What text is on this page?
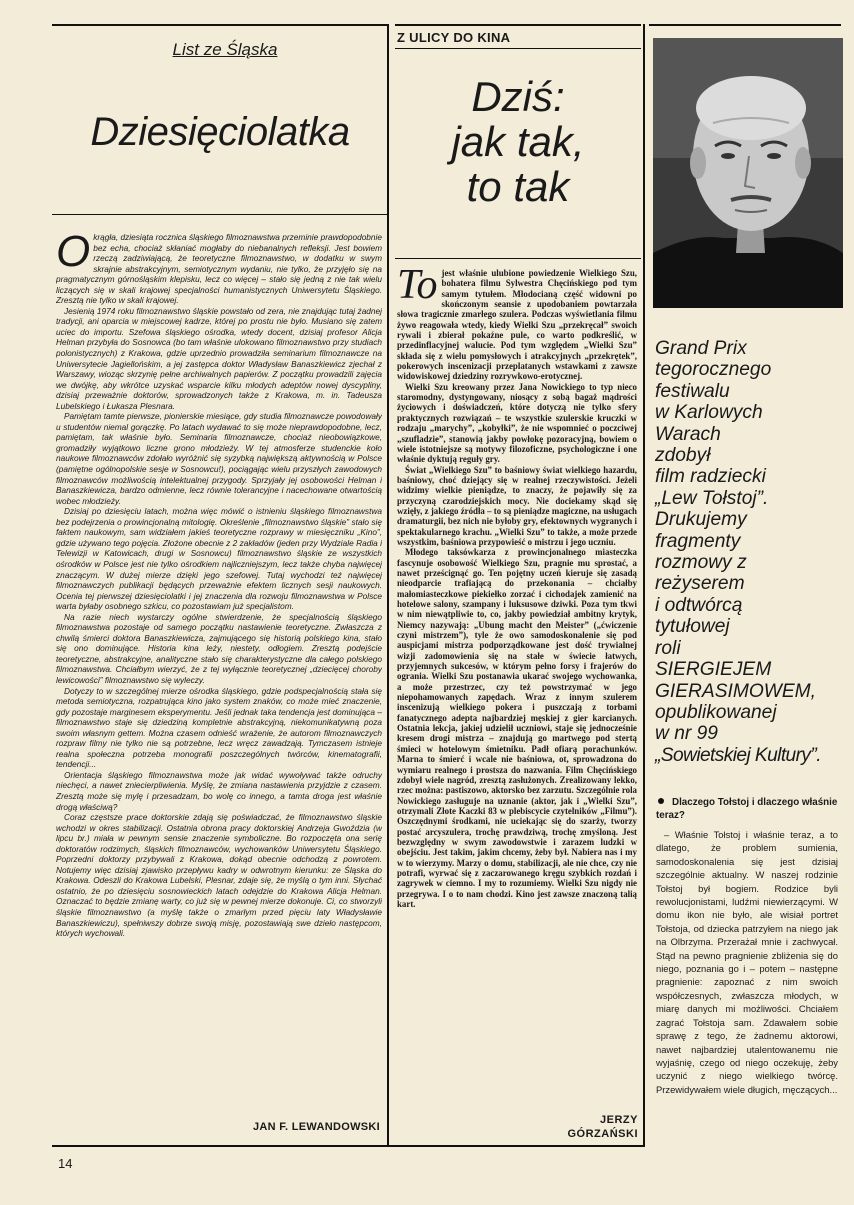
List ze Śląska
Dziesięciolatka

Okrągła, dziesiąta rocznica śląskiego filmoznawstwa przeminie prawdopodobnie bez echa, chociaż skłaniać mogłaby do niebanalnych refleksji. Jest bowiem rzeczą zadziwiającą, że teoretyczne filmoznawstwo, w dodatku w swym skrajnie abstrakcyjnym, semiotycznym wydaniu, nie tylko, że przyjęło się na pragmatycznym górnośląskim klepisku, lecz co więcej – stało się jedną z nie tak wielu liczących się w skali krajowej specjalności humanistycznych Uniwersytetu Śląskiego. Zresztą nie tylko w skali krajowej.

Jesienią 1974 roku filmoznawstwo śląskie powstało od zera, nie znajdując tutaj żadnej tradycji, ani oparcia w miejscowej kadrze, której po prostu nie było. Musiano się zatem uciec do importu. Szefowa śląskiego ośrodka, wtedy docent, dzisiaj profesor Alicja Helman przybyła do Sosnowca (bo tam właśnie ulokowano filmoznawstwo przy studiach polonistycznych) z Krakowa, gdzie uprzednio prowadziła seminarium filmoznawcze na Uniwersytecie Jagiellońskim, a jej zastępca doktor Władysław Banaszkiewicz zjechał z Warszawy, wioząc skrzynię pełne archiwalnych papierów. Z początku prowadzili zajęcia we dwójkę, aby wkrótce uzyskać wsparcie kilku młodych adeptów nowej dyscypliny, dzisiaj przeważnie doktorów, sprowadzonych także z Krakowa, m. in. Tadeusza Lubelskiego i Łukasza Plesnara.

Pamiętam tamte pierwsze, pionierskie miesiące, gdy studia filmoznawcze powodowały u studentów niemal gorączkę. Po latach wydawać to się może nieprawdopodobne, lecz, pamiętam, tak właśnie było. Seminaria filmoznawcze, chociaż nieobowiązkowe, gromadziły wyjątkowo liczne grono młodzieży. W tej atmosferze studenckie koło naukowe filmoznawców zdołało wyróżnić się syzybką największą aktywnością w Polsce (pamiętne ogólnopolskie sesje w Sosnowcu!), pociągając wielu przyszłych zawodowych filmoznawców możliwością intelektualnej przygody. Sprzyjały jej osobowości Helman i Banaszkiewicza, bardzo odmienne, lecz równie tolerancyjne i nacechowane otwartością wobec młodzieży.

Dzisiaj po dziesięciu latach, można więc mówić o istnieniu śląskiego filmoznawstwa bez podejrzenia o prowincjonalną mitologię. Określenie „filmoznawstwo śląskie” stało się faktem naukowym, sam widziałem jakieś teoretyczne rozprawy w miesięczniku „Kino”, gdzie używano tego pojęcia. Złożone obecnie z 2 zakładów (jeden przy Wydziale Radia i Telewizji w Katowicach, drugi w Sosnowcu) filmoznawstwo śląskie ze wszystkich ośrodków w Polsce jest nie tylko ośrodkiem najliczniejszym, lecz także chyba najwięcej znaczącym. W dużej mierze dzięki jego szefowej. Tutaj wychodzi też najwięcej filmoznawczych publikacji będących przeważnie efektem licznych sesji naukowych. Ocenia tej pierwszej dziesięciolatki i jej znaczenia dla rozwoju filmoznawstwa w Polsce warta byłaby osobnego szkicu, co pozostawiam już specjalistom.

Na razie niech wystarczy ogólne stwierdzenie, że specjalnością śląskiego filmoznawstwa pozostaje od samego początku nastawienie teoretyczne. Zwłaszcza z chwilą śmierci doktora Banaszkiewicza, zajmującego się historią polskiego kina, stało się ono dominujące. Historia kina leży, niestety, odłogiem. Zresztą podejście teoretyczne, abstrakcyjne, analityczne stało się charakterystyczne dla całego polskiego filmoznawstwa. Chciałbym wierzyć, że z tej wyłącznie teoretycznej „dziecięcej choroby lewicowości” filmoznawstwo się wyleczy.

Dotyczy to w szczególnej mierze ośrodka śląskiego, gdzie podspecjalnością stała się metoda semiotyczna, rozpatrująca kino jako system znaków, co może mieć znaczenie, gdy pozostaje marginesem eksperymentu. Jeśli jednak taka tendencja jest dominująca – filmoznawstwo staje się dziedziną kompletnie abstrakcyjną, niekomunikatywną poza swoim własnym gettem. Można czasem odnieść wrażenie, że autorom filmoznawczych rozpraw filmy nie tylko nie są potrzebne, lecz wręcz zawadzają. Tymczasem istnieje realna społeczna potrzeba monografii poszczególnych twórców, kinematografii, tendencji...

Orientacja śląskiego filmoznawstwa może jak widać wywoływać także odruchy niechęci, a nawet zniecierpliwienia. Myślę, że zmiana nastawienia przyjdzie z czasem. Zresztą może się mylę i przesadzam, bo wolę co innego, a tamta droga jest właśnie drogą właściwą?

Coraz częstsze prace doktorskie zdają się poświadczać, że filmoznawstwo śląskie wchodzi w okres stabilizacji. Ostatnia obrona pracy doktorskiej Andrzeja Gwoździa (w lipcu br.) miała w pewnym sensie znaczenie symboliczne. Bo rozpoczęta ona serię doktoratów rodzimych, śląskich filmoznawców, wychowanków Uniwersytetu Śląskiego. Poprzedni doktorzy przybywali z Krakowa, dokąd obecnie odchodzą z powrotem. Notujemy więc dzisiaj zjawisko przepływu kadry w odwrotnym kierunku: ze Śląska do Krakowa. Odeszli do Krakowa Lubelski, Plesnar, zdaje się, że myślą o tym inni. Słychać ostatnio, że po dziesięciu sosnowieckich latach odejdzie do Krakowa Alicja Helman. Oznaczać to będzie zmianę warty, co już się w pewnej mierze dokonuje. Ci, co stworzyli śląskie filmoznawstwo (a myślę także o zmarłym przed pięciu laty Władysławie Banaszkiewiczu), spełniwszy dobrze swoją misję, pozostawiają swe dzieło następcom, których wychowali.

JAN F. LEWANDOWSKI
Z ULICY DO KINA
Dziś:
jak tak,
to tak

To jest właśnie ulubione powiedzenie Wielkiego Szu, bohatera filmu Sylwestra Chęcińskiego pod tym samym tytułem. Młodocianą część widowni po skończonym seansie z upodobaniem powtarzała słowa tragicznie zmarłego szulera. Podczas wyświetlania filmu żywo reagowała wtedy, kiedy Wielki Szu „przekręcał” swoich rywali i zbierał pokaźne pule, co warto podkreślić, w przedinflacyjnej walucie. Pod tym względem „Wielki Szu” składa się z wielu pomysłowych i atrakcyjnych „przekrętek”, pokerowych inscenizacji przeplatanych wstawkami z zawsze widowiskowej dziedziny rozrywkowo-erotycznej.

Wielki Szu kreowany przez Jana Nowickiego to typ nieco staromodny, dystyngowany, niosący z sobą bagaż mądrości życiowych i doświadczeń, które dotyczą nie tylko sfery praktycznych rozwiązań – te wszystkie szulerskie kruczki w rodzaju „marychy”, „kobyłki”, że nie wspomnieć o poczciwej „szufladzie”, stanowią jakby powłokę pozoracyjną, bowiem o wiele istotniejsze są motywy filozoficzne, psychologiczne i one właśnie dyktują reguły gry.

Świat „Wielkiego Szu” to baśniowy świat wielkiego hazardu, baśniowy, choć dziejący się w realnej rzeczywistości. Jeżeli widzimy wielkie pieniądze, to znaczy, że pojawiły się za przyczyną czarodziejskich mocy. Nie dociekamy skąd się wzięły, z jakiego źródła – to są pieniądze magiczne, na usługach dramaturgii, bez nich nie byłoby gry, efektownych wygranych i spektakularnego krachu. „Wielki Szu” to także, a może przede wszystkim, baśniowa przypowieść o mistrzu i jego uczniu.

Młodego taksówkarza z prowincjonalnego miasteczka fascynuje osobowość Wielkiego Szu, pragnie mu sprostać, a nawet prześcignąć go. Ten pojętny uczeń kieruje się zasadą nieodparcie trafiającą do przekonania – chciałby małomiasteczkowe piekiełko zorzać i cichodajek zamienić na hotelowe salony, szampany i luksusowe dziwki. Poza tym tkwi w nim niewątpliwie to, co, jakby powiedział ambitny krytyk, Niemcy nazywają: „Ubung macht den Meister” („ćwiczenie czyni mistrzem”), tyle że owo samodoskonalenie się pod auspicjami mistrza podporządkowane jest dość trywialnej wizji zadomowienia się na stałe w świecie łatwych, przyjemnych sukcesów, w którym pełno forsy i frajerów do ogrania. Wielki Szu postanawia ukarać swojego wychowanka, a może przestrzec, czy też powstrzymać w jego niepohamowanych zapędach. Wraz z innym szulerem inscenizują wielkiego pokera i puszczają z torbami fanatycznego adepta najbardziej męskiej z gier karcianych. Ostatnia lekcja, jakiej udzielił uczniowi, staje się jednocześnie kresem drogi mistrza – znajdują go martwego pod stertą śmieci w hotelowym śmietniku. Padł ofiarą porachunków. Marna to śmierć i wcale nie baśniowa, ot, sprowadzona do wymiaru realnego i prostsza do nazwania. Film Chęcińskiego zdobył wiele nagród, zresztą zasłużonych. Zrealizowany lekko, rzec można: pastiszowo, aktorsko bez zarzutu. Szczególnie rola Nowickiego zasługuje na uznanie (aktor, jak i „Wielki Szu”, otrzymali Złote Kaczki 83 w plebiscycie czytelników „Filmu”). Oszczędnymi środkami, nie uciekając się do szarży, tworzy postać arcyszulera, trochę prawdziwą, trochę zmyśloną. Jest bezwzględny w swym zawodowstwie i zarazem ludzki w obejściu. Jest takim, jakim chcemy, żeby był. Nabiera nas i my w to wierzymy. Marzy o domu, stabilizacji, ale nie chce, czy nie potrafi, wyrwać się z zaczarowanego kręgu szybkich rozdań i zagrywek w ciemno. I my to rozumiemy. Wielki Szu nigdy nie przegrywa. I o to nam chodzi. Kino jest zawsze znaczoną talią kart.

JERZY
GÓRZAŃSKI
Grand Prix
tegorocznego
festiwalu
w Karlowych
Warach
zdobył
film radziecki
„Lew Tołstoj”.
Drukujemy
fragmenty
rozmowy z
reżyserem
i odtwórcą
tytułowej
roli
SIERGIEJEM
GIERASIMOWEM,
opublikowanej
w nr 99
„Sowietskiej Kultury”.
Dlaczego Tołstoj i dlaczego właśnie teraz?

– Właśnie Tołstoj i właśnie teraz, a to dlatego, że problem sumienia, samodoskonalenia się jest dzisiaj szczególnie aktualny. W naszej rodzinie Tołstoj był bogiem. Rodzice byli rewolucjonistami, ludźmi niewierzącymi. W domu ikon nie było, ale wisiał portret Tołstoja, od dziecka patrzyłem na niego jak na Olbrzyma. Przerażał mnie i zachwycał. Stąd na pewno pragnienie zbliżenia się do niego, poznania go i – potem – następne pragnienie: zapoznać z nim swoich współczesnych, zwłaszcza młodych, w miarę danych mi możliwości. Chciałem zagrać Tołstoja sam. Zdawałem sobie sprawę z tego, że żadnemu aktorowi, nawet najbardziej utalentowanemu nie wyjaśnię, czego od niego oczekuję, żeby uczynić z niego wielkiego twórcę. Przewidywałem wiele długich, męczących...

14
